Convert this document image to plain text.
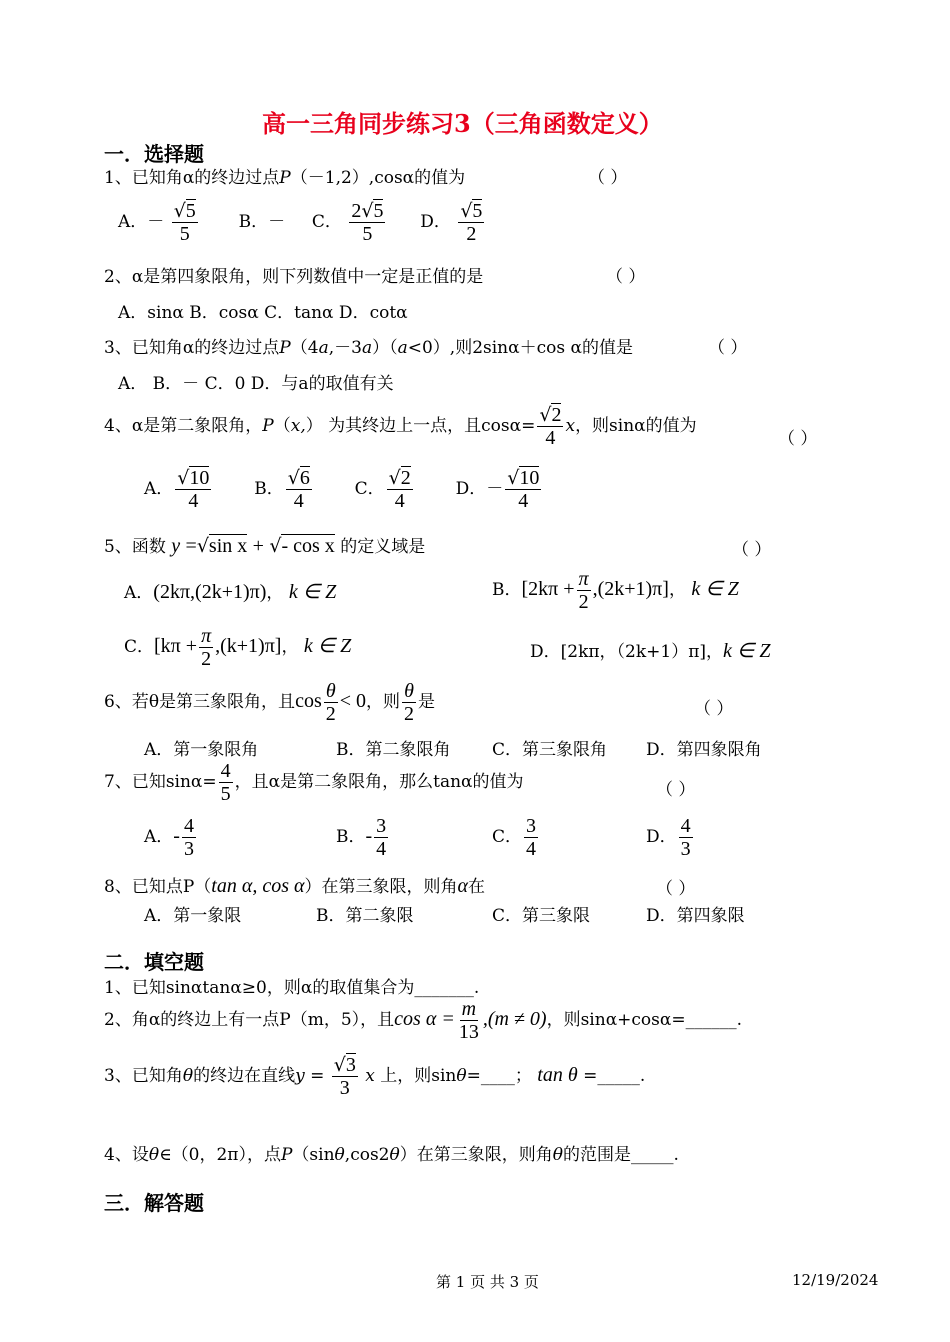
高一三角同步练习3（三角函数定义）
一．选择题
1、已知角α的终边过点P（－1,2）,cosα的值为	（ ）
A．－ $\frac{√5}{5}$ B．－ C． $\frac{2√5}{5}$ D． $\frac{√5}{2}$
2、α是第四象限角，则下列数值中一定是正值的是	（ ）
A．sinα B．cosα C．tanα D．cotα
3、已知角α的终边过点P（4a,－3a）（a<0）,则2sinα＋cos α的值是	（ ）
A． B．－ C．0 D．与a的取值有关
4、α是第二象限角，P（x,） 为其终边上一点，且$\cos\alpha= \frac{√2}{4}$ x，则sinα的值为
（ ）
A． $\frac{√10}{4}$	B． $\frac{√6}{4}$	C． $\frac{√2}{4}$	D．－ $\frac{√10}{4}$
5、函数 y =√sin x + √- cos x 的定义域是	（ ）
A．(2kπ,(2k+1)π)， k ∈ Z	B．$[2k\pi + \frac{\pi}{2} ,(2k+1)\pi]$， k ∈ Z
C．$[k\pi + \frac{\pi}{2} ,(k+1)\pi]$， k ∈ Z	D．[2kπ，（2k+1）π]，k ∈ Z
6、若θ是第三象限角，且$\cos \frac{\theta}{2} < 0$，则 $\frac{\theta}{2}$ 是	（ ）
A．第一象限角	B．第二象限角 C．第三象限角 D．第四象限角
7、已知$\sin\alpha= \frac{4}{5}$ ，且α是第二象限角，那么tanα的值为	（ ）
A．- $\frac{4}{3}$	B．- $\frac{3}{4}$	C． $\frac{3}{4}$	D． $\frac{4}{3}$
8、已知点P（tan α, cos α）在第三象限，则角α在	（ ）
A．第一象限	B．第二象限	C．第三象限	D．第四象限
二．填空题
1、已知sinαtanα≥0，则α的取值集合为_______.
2、角α的终边上有一点P（m，5），且$\cos \alpha = \frac{m}{13} ,(m \ne 0)$，则sinα+cosα=______.
3、已知角θ的终边在直线$y = \frac{√3}{3}$ x 上，则sinθ=____； tan θ =_____.
4、设θ∈（0，2π），点P（sinθ,cos2θ）在第三象限，则角θ的范围是_____.
三．解答题
第 1 页 共 3 页	12/19/2024
